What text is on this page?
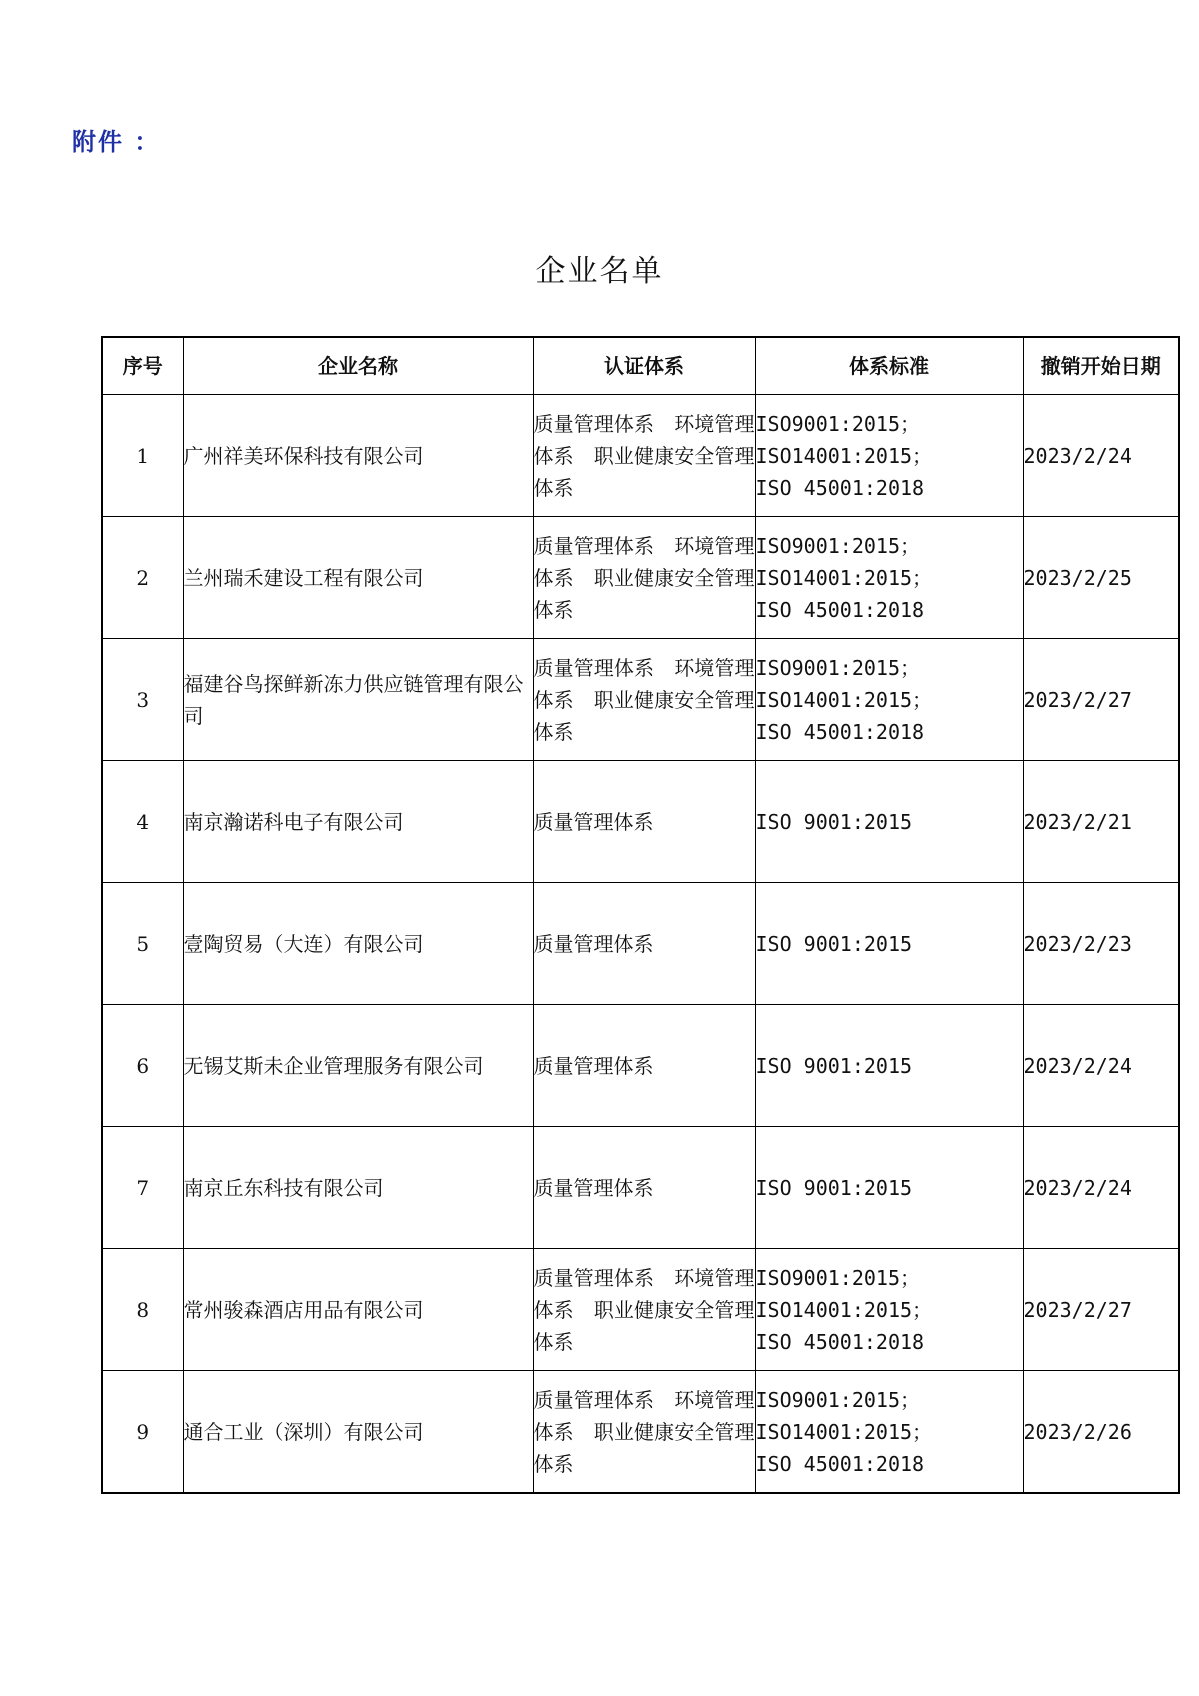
附件 ：
企业名单
序号	企业名称	认证体系	体系标准	撤销开始日期
1	广州祥美环保科技有限公司	质量管理体系　环境管理体系　职业健康安全管理体系	ISO9001:2015；
ISO14001:2015；
ISO 45001:2018	2023/2/24
2	兰州瑞禾建设工程有限公司	质量管理体系　环境管理体系　职业健康安全管理体系	ISO9001:2015；
ISO14001:2015；
ISO 45001:2018	2023/2/25
3	福建谷鸟探鲜新冻力供应链管理有限公司	质量管理体系　环境管理体系　职业健康安全管理体系	ISO9001:2015；
ISO14001:2015；
ISO 45001:2018	2023/2/27
4	南京瀚诺科电子有限公司	质量管理体系	ISO 9001:2015	2023/2/21
5	壹陶贸易（大连）有限公司	质量管理体系	ISO 9001:2015	2023/2/23
6	无锡艾斯未企业管理服务有限公司	质量管理体系	ISO 9001:2015	2023/2/24
7	南京丘东科技有限公司	质量管理体系	ISO 9001:2015	2023/2/24
8	常州骏森酒店用品有限公司	质量管理体系　环境管理体系　职业健康安全管理体系	ISO9001:2015；
ISO14001:2015；
ISO 45001:2018	2023/2/27
9	通合工业（深圳）有限公司	质量管理体系　环境管理体系　职业健康安全管理体系	ISO9001:2015；
ISO14001:2015；
ISO 45001:2018	2023/2/26
